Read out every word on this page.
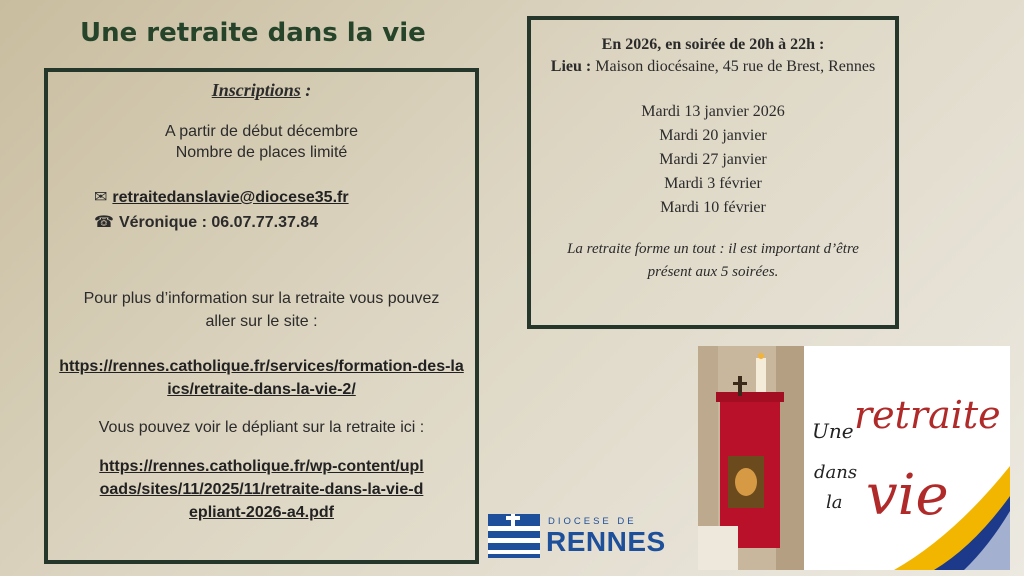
Une retraite dans la vie
Inscriptions :
A partir de début décembre
Nombre de places limité
✉ retraitedanslavie@diocese35.fr
☎ Véronique : 06.07.77.37.84
Pour plus d’information sur la retraite vous pouvez aller sur le site :
https://rennes.catholique.fr/services/formation-des-laics/retraite-dans-la-vie-2/
Vous pouvez voir le dépliant sur la retraite ici :
https://rennes.catholique.fr/wp-content/uploads/sites/11/2025/11/retraite-dans-la-vie-depliant-2026-a4.pdf
En 2026, en soirée de 20h à 22h :
Lieu : Maison diocésaine, 45 rue de Brest, Rennes
Mardi 13 janvier 2026
Mardi 20 janvier
Mardi 27 janvier
Mardi 3 février
Mardi 10 février
La retraite forme un tout : il est important d’être présent aux 5 soirées.
DIOCESE DE
RENNES
Une retraite
dans
la vie
